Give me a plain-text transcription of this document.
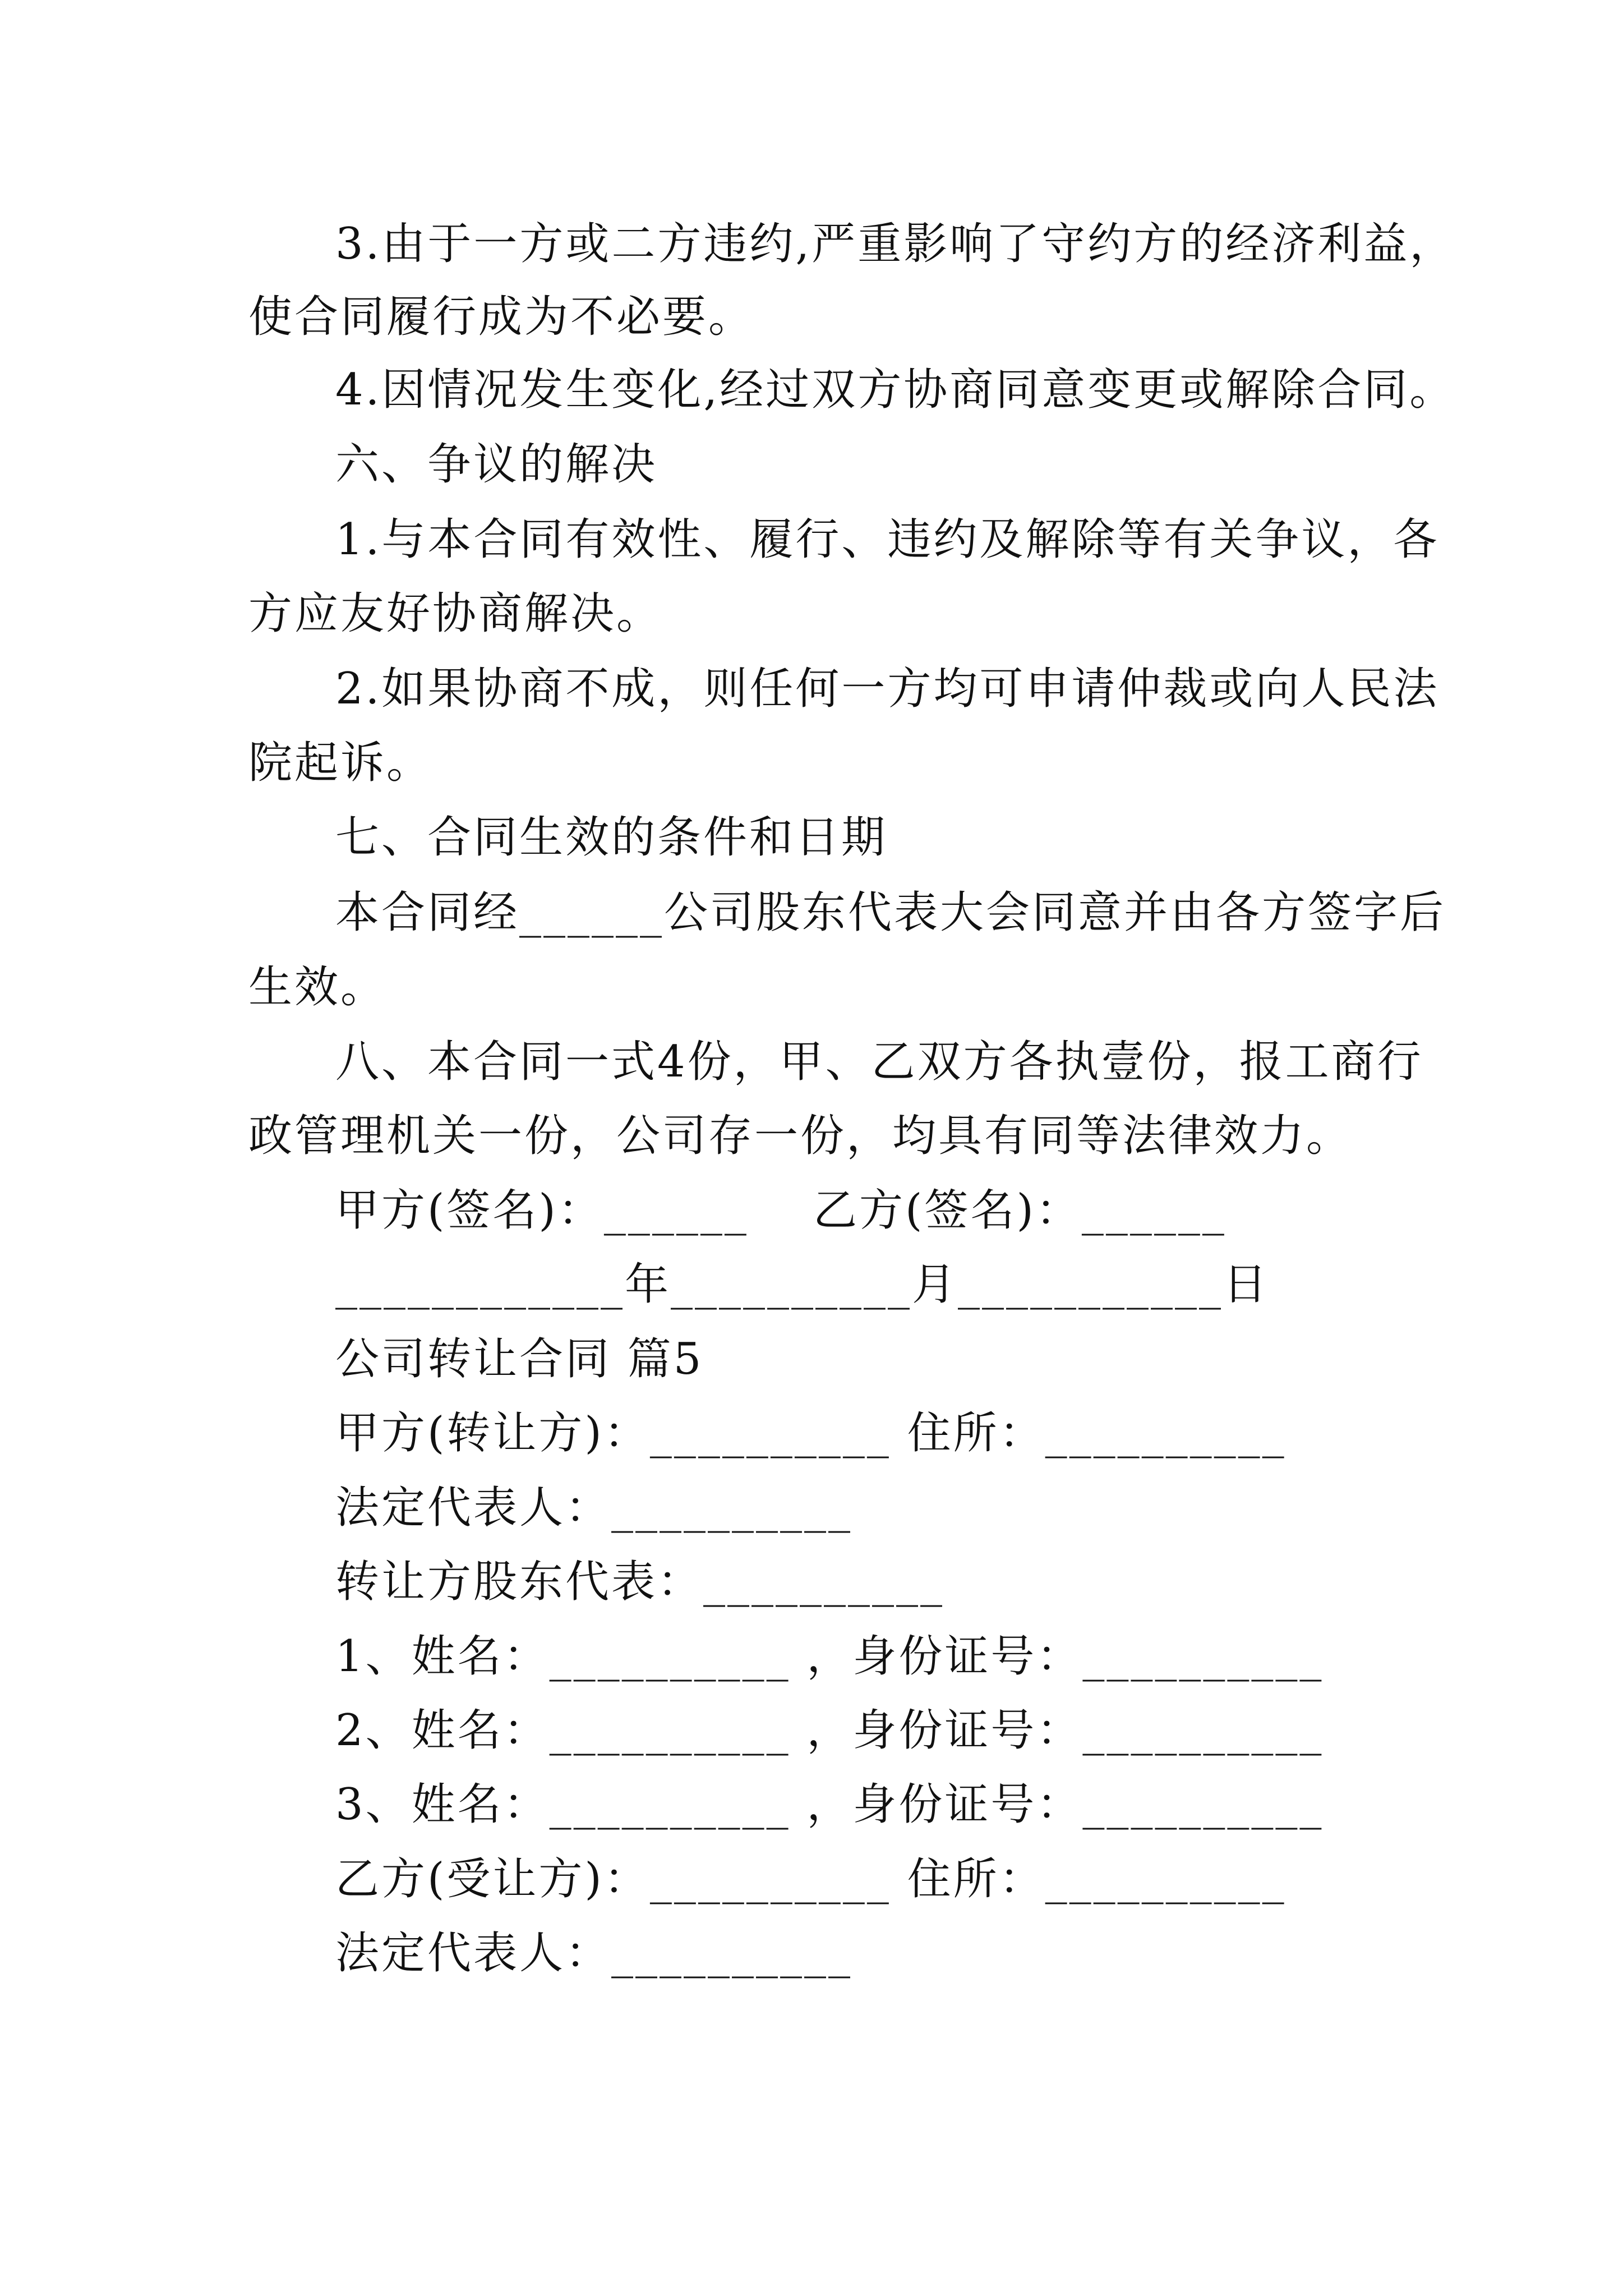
3.由于一方或二方违约,严重影响了守约方的经济利益，
使合同履行成为不必要。
4.因情况发生变化,经过双方协商同意变更或解除合同。
六、争议的解决
1.与本合同有效性、履行、违约及解除等有关争议，各
方应友好协商解决。
2.如果协商不成，则任何一方均可申请仲裁或向人民法
院起诉。
七、合同生效的条件和日期
本合同经______公司股东代表大会同意并由各方签字后
生效。
八、本合同一式4份，甲、乙双方各执壹份，报工商行
政管理机关一份，公司存一份，均具有同等法律效力。
甲方(签名)：______    乙方(签名)：______
____________年__________月___________日
公司转让合同 篇5
甲方(转让方)：__________ 住所：__________
法定代表人：__________
转让方股东代表：__________
1、姓名：__________ ，身份证号：__________
2、姓名：__________ ，身份证号：__________
3、姓名：__________ ，身份证号：__________
乙方(受让方)：__________ 住所：__________
法定代表人：__________
